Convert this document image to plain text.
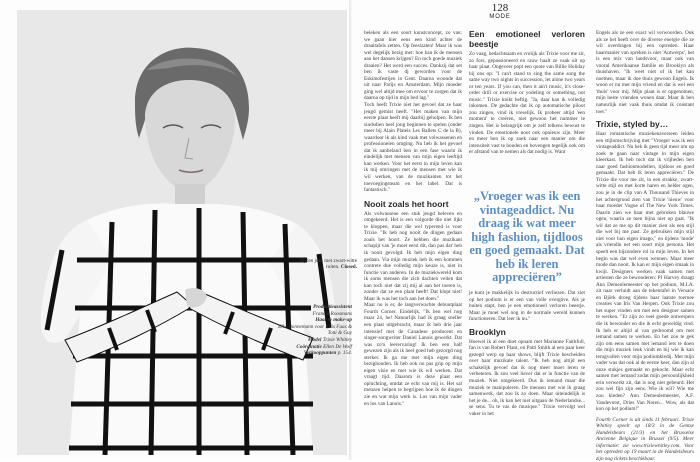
Zijden jurk met zwart-witte ruiten. Closed.
Productieassistent
Franciu Roosmans
Haar & make-up
Elke Bonnemann voor Ellis Faas & Toni & Guy
Model Trixie Whitley
Coördinatie Ellen De Wolf
Verkooppunten p. 154.

beleken als een soort kunstconcept, zo van: we gaan hier eens een kind achter de draaitafels zetten. Op feestzaten! Maar ik was wel degelijk bezig met: hoe kan ik de mensen aan het dansen krijgen? En toch goede muziek draaien? Het werd een succes. Dankzij dat set ben ik vaste dj geworden voor de Eskimofestijen in Gent. Daarna woonde dat uit naar Parijs en Amsterdam. Mijn moeder ging wel altijd mee om ervoor te zorgen dat ik daarna op tijd in mijn bed lag."

Toch heeft Trixie niet het gevoel dat ze haar jeugd gemist heeft. "Het maken van mijn eerste plaat heeft mij daarbij geholpen. Ik ben sindsdien heel jong beginnen te spelen (onder meer bij Alain Platels Les Ballets C de la B), waardoor ik als kind vaak met volwassenen en professionelen omging. Nu heb ik het gevoel dat ik aanbeland ben in een fase waarin ik eindelijk met mensen van mijn eigen leeftijd kan werken. Voor het eerst in mijn leven kan ik mij omringen met de mensen met wie ik wil werken, van de muzikanten tot het toevoegingsteam en het label. Dat is fantastisch."

Nooit zoals het hoort

Als volwassene een stuk jeugd beleven en omgekeerd. Het is een volgorde die niet lijkt te kloppen, maar die wel typerend is voor Trixie. "Ik heb nog nooit de dingen gedaan zoals het hoort. Ze hebben die muzikant schapijt van 'je moet eerst dit, dan pas dat' heb ik nooit gevolgd. Ik heb mijn eigen ding gedaan. Via mijn muziek heb ik een kommen contrete due volledig mijn keuze is, niet in functie van anderen. In de muziekwereld kom ik soms mensen die zich dachten veilen dat kan toch niet dat zij mij al aan het toeren is, zonder dat ze een plaat heeft! Dat klopt niet! Maar ik was het toch aan het doen."

Maar nu is er, de langverwachte debuutplaat Fourth Corner. Eindelijk. "Ik ben wel nog maar 24, he! Natuurlijk had ik graag sneller een plaat uitgebracht, maar ik heb drie jaar intensief met de Canadese producent en singer-songwriter Daniel Lanois gewerkt. Dat was zo'n leerervaring! Ik ben een half gewezen zijn als ik heel goed heb gezorgd nog sterker. Ik ga me met mijn eigen ding bezighouden. Ik heb ook nu pas grip op mijn eigen visie en met wie ik wil werken. Dat vraagt tijd. Daarom is deze plaat een opluchting, omdat ze echt van mij is. Het sal menzen helpen te begrijpen hoe ik de dingen zie en wat mijn werk is. Los van mijn vader en los van Lanois."

128
MODE
Een emotioneel verloren beestje

Zo vaag, bedachtsaam en vrolijk als Trixie voor me zit, zo fors, gepassioneerd en rauw haalt ze vaak uit op haar plaat. Ongeveer popt een quote van Billie Holiday bij ons op: "I can't stand to sing the same song the same way two nights in succession, let alone two years or ten years. If you can, then it ain't music, it's close-order drill or exercise or yodeling or something, not music." Trixie knikt heftig. "Ja, daar kan ik volledig inkomen. De gedachte dat ik op automatische piloot zou zingen, vind ik vreselijk. Ik probeer altijd 'een moment' te creëren, niet gewoon het nummer te zingen. Het is belangrijk om je zelf telkens bewust te vinden. De emotionele noot ook opnieuw zijn. Meer en meer ben ik op zoek naar een manier om die intensiteit vast te houden en bovengen tegelijk ook om er afstand van te nemen als dat nodig is. Want

„Vroeger was ik een vintageaddict. Nu draag ik wat meer high fashion, tijdloos en goed gemaakt. Dat heb ik leren appreciëren”

je kunt je makkelijk in destructief verliezen. Dat ziet op het podium is er een van volle overgave. Als je buiten stapt, ben je een emotioneel verloren beestje. Maar je moet wel nog in de normale wereld kunnen functioneren. Dat leer ik nu."

Brooklyn

Hoewel ik al een duet opnam met Marianne Faithfull, fan is van Robert Plant, en Patti Smith al een paar keer gezegd werp op haar shows, blijft Trixie bescheiden over haar muzikale talent. "Ik heb nog altijd een schakelijk gevoel dat ik nog meer moet leren te verbeteren. Ik zou veel liever dat er in functie van de muziek. Niet omgekeerd. Dus ik iemand maar die muziek te manipuleren. De mensen met wie ik graag samenwerk, dat zou ik zo doen. Maar uiteindelijk is het je de... oh, ik kan het niet uitgaan de Nederlandse... se sens. Tu te vas de musique." Trixie vervolgt wel vaker in het

Engels als ze een exact wil verwoorden. Ook als ze het heeft over de diverse energie die ze wil overdragen bij een optreden. Haar haarmanier van spreken is niet 'Antwerps', het is een mix van landsvoor, maar ook van vooral Amerikaanse familie en Brooklyn als thuishaven. "Ik weet niet of ik het kan noemen, maar ik doe thuis gewoon Engels. Ik woon er nu met mijn vriend en dat is wel een 'thuis' voor mij. Mijn plaat is er opgenomen, mijn beste vrienden wonen daar. Maar ik ben natuurlijk niet vaak thuis omdat ik constant toer."

Trixie, styled by…

Haar romantische muziekenaverseen leiden een stijlomschrijving met "Vroeger was ik een vintageaddict. Nu heb ik geen tijd meer om op zoek te gaan naar vintage in mijn eigen kleerkast. Ik heb toch dat ik vrijheden ben naar goed fashionmodellen, tijdloos en goed gemaakt. Dat heb ik leren appreciëren." De Trixie die voor me zit, in een strakke, zwart-witte stijl en met korte haren en helder ogen, zou je in de clip van A Thousand Thieves in het achtergrond zien van Trixie 'nieuw' voor haar moeder Vogue of The New York Times. Daarin zien we haar met gebroken blauwe ogen, waarin ze toen bijna niet op gaat. "Ik wil dat ze me op dit manier zien als een stijl die wel bij me past. Ze gebruiken mijn stijl niet voor hun eigen imago," en tijdens 'mode' als vriendin net een soort mijn persona. Het speelt een bijzondere rol in mijn leven. In het begin was dat wel even wennen. Maar meer mode dan nooit. Ik kan er mijn eigen smaak in kwijt. Designers werken vaak samen met artiesten die ze bewonderen: PJ Harvey draagt Ann Demeulemeester op het podium, M.I.A. zit naar verluidt aan de tekentafel in Versace en Björk droeg tijdens haar laatste toernee creaties van Iris Van Herpen. Ook Trixie zou het super vinden om met een designer samen te werken. "Er zijn zo veel goede ontwerpers die ik bewonder en die ik echt geweldig vind. Ik heb er altijd al van gedroomd om met iemand samen te werken. En het zou te gek zijn om eens samen met iemand iets te doen die mijn muziek leuk vindt en bij wie ik kan terugvallen voor mijn podiumkledij. Met mijn vader was dat ook al de eerste keer, dan zijn al onze stukjes gemaakt en gekocht. Maar echt samen met iemand zodat mijn persoonlijkheid erin verwerkt zit, dat is nog niet gebeurd. Het zou wel fijn zijn eens. Wie ik wil? Wie me zou kleden? Ann Demeulemeester, A.F. Vandevorst, Dries Van Noten... Wow, als dat kon op het podium!"

Fourth Corner is uit sinds 11 februari. Trixie Whitley speelt op 18/3 in de Gentse Handelsbeurs (21/3) en het Brusselse Ancienne Belgique in Brussel (9/5). Meer informatie: zie www.trixiewhitley.com. Voor het optreden op 19 maart in de Handelsbeurs zijn nog tickets beschikbaar.
